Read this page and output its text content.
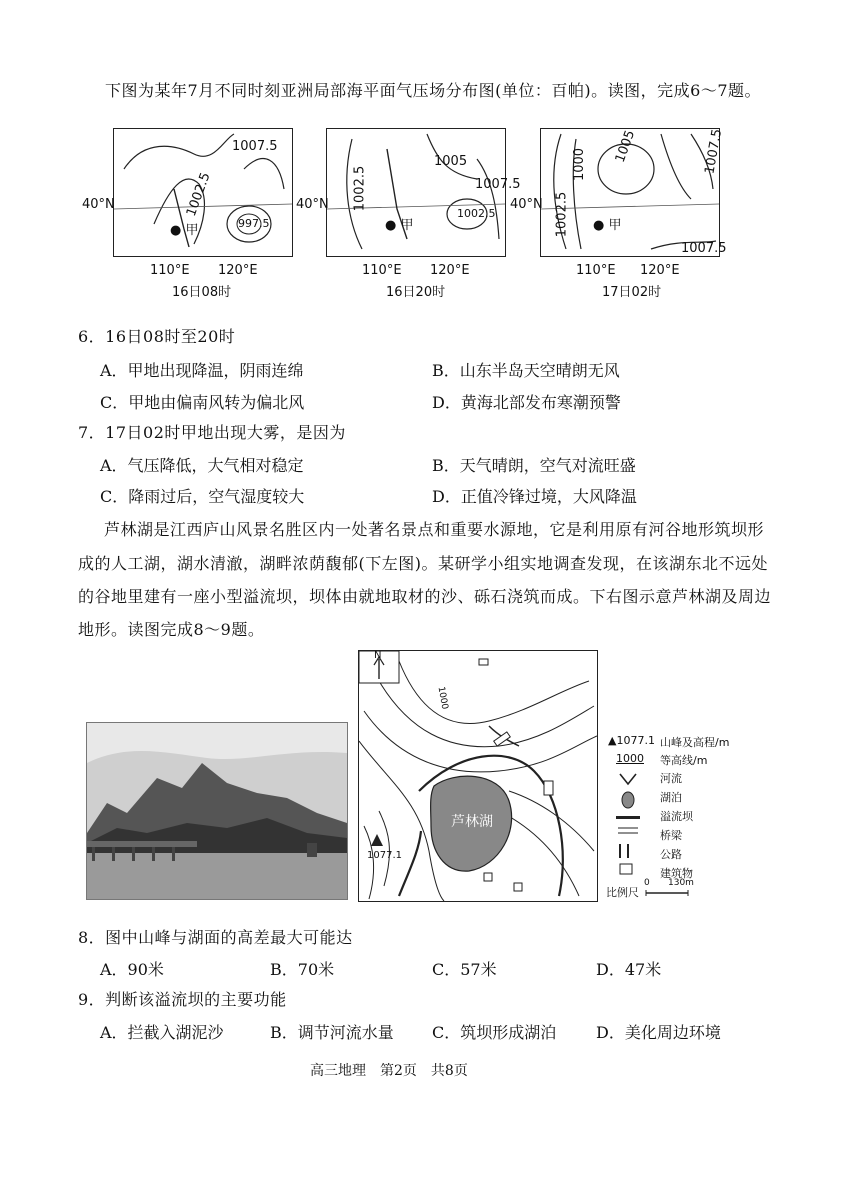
下图为某年7月不同时刻亚洲局部海平面气压场分布图(单位：百帕)。读图，完成6～7题。
1007.5
1002.5
997.5
● 甲
40°N
110°E 120°E
16日08时
1002.5
1005
1007.5
1002.5
● 甲
40°N
110°E 120°E
16日20时
1000 1005
1002.5
1007.5
1007.5
● 甲
40°N
110°E 120°E
17日02时
6．16日08时至20时
A．甲地出现降温，阴雨连绵	B．山东半岛天空晴朗无风
C．甲地由偏南风转为偏北风	D．黄海北部发布寒潮预警
7．17日02时甲地出现大雾，是因为
A．气压降低，大气相对稳定	B．天气晴朗，空气对流旺盛
C．降雨过后，空气湿度较大	D．正值冷锋过境，大风降温
芦林湖是江西庐山风景名胜区内一处著名景点和重要水源地，它是利用原有河谷地形筑坝形
成的人工湖，湖水清澈，湖畔浓荫馥郁(下左图)。某研学小组实地调查发现，在该湖东北不远处
的谷地里建有一座小型溢流坝，坝体由就地取材的沙、砾石浇筑而成。下右图示意芦林湖及周边
地形。读图完成8～9题。
N
1000
芦林湖
1077.1
▲1077.1 山峰及高程/m
1000 等高线/m
河流
湖泊
溢流坝
桥梁
公路
建筑物
比例尺
0 130m
8．图中山峰与湖面的高差最大可能达
A．90米	B．70米	C．57米	D．47米
9．判断该溢流坝的主要功能
A．拦截入湖泥沙	B．调节河流水量 C．筑坝形成湖泊 D．美化周边环境
高三地理　第2页　共8页
